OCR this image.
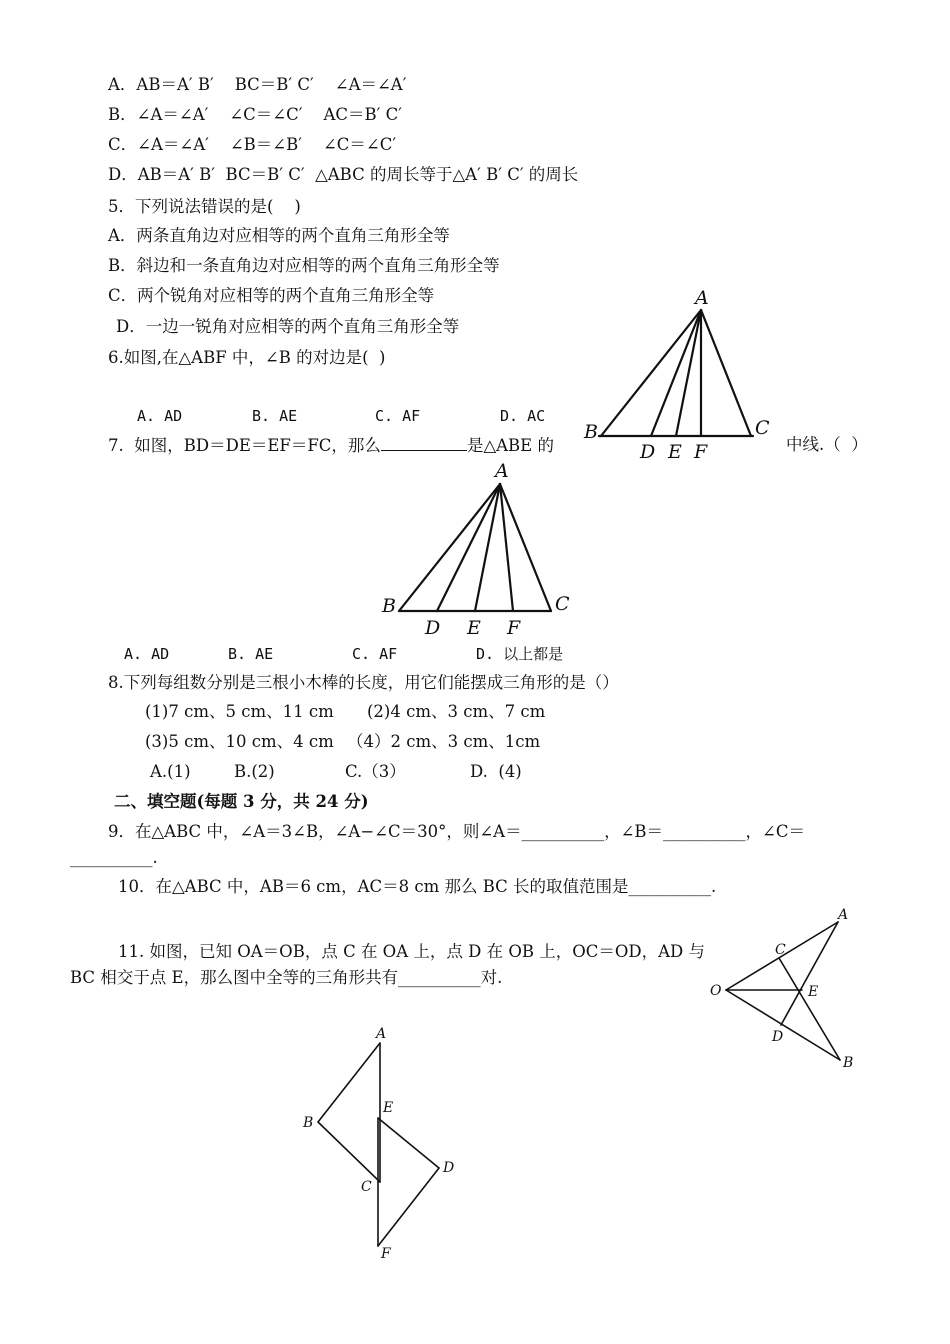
A．AB＝A′ B′    BC＝B′ C′    ∠A＝∠A′
B．∠A＝∠A′    ∠C＝∠C′    AC＝B′ C′
C．∠A＝∠A′    ∠B＝∠B′    ∠C＝∠C′
D．AB＝A′ B′  BC＝B′ C′  △ABC 的周长等于△A′ B′ C′ 的周长
5．下列说法错误的是(    )
A．两条直角边对应相等的两个直角三角形全等
B．斜边和一条直角边对应相等的两个直角三角形全等
C．两个锐角对应相等的两个直角三角形全等
D．一边一锐角对应相等的两个直角三角形全等
6.如图,在△ABF 中，∠B 的对边是(  )
A. AD	B. AE	C. AF	D. AC
A
B	C
D E F
7.  如图，BD＝DE＝EF＝FC，那么	是△ABE 的	中线.（  ）
A
B	C
D E F
A. AD	B. AE	C. AF	D. 以上都是
8.下列每组数分别是三根小木棒的长度，用它们能摆成三角形的是（）
(1)7 cm、5 cm、11 cm (2)4 cm、3 cm、7 cm
(3)5 cm、10 cm、4 cm （4）2 cm、3 cm、1cm
A.(1)	B.(2)	C.（3）	D.  (4)
二、填空题(每题 3 分，共 24 分)
9．在△ABC 中，∠A＝3∠B，∠A−∠C＝30°，则∠A＝__________，∠B＝__________，∠C＝
__________.
10．在△ABC 中，AB＝6 cm，AC＝8 cm 那么 BC 长的取值范围是__________.
A
C
O	E
D
B
11. 如图，已知 OA＝OB，点 C 在 OA 上，点 D 在 OB 上，OC＝OD，AD 与
BC 相交于点 E，那么图中全等的三角形共有__________对.
A
B
E
C
D
F
